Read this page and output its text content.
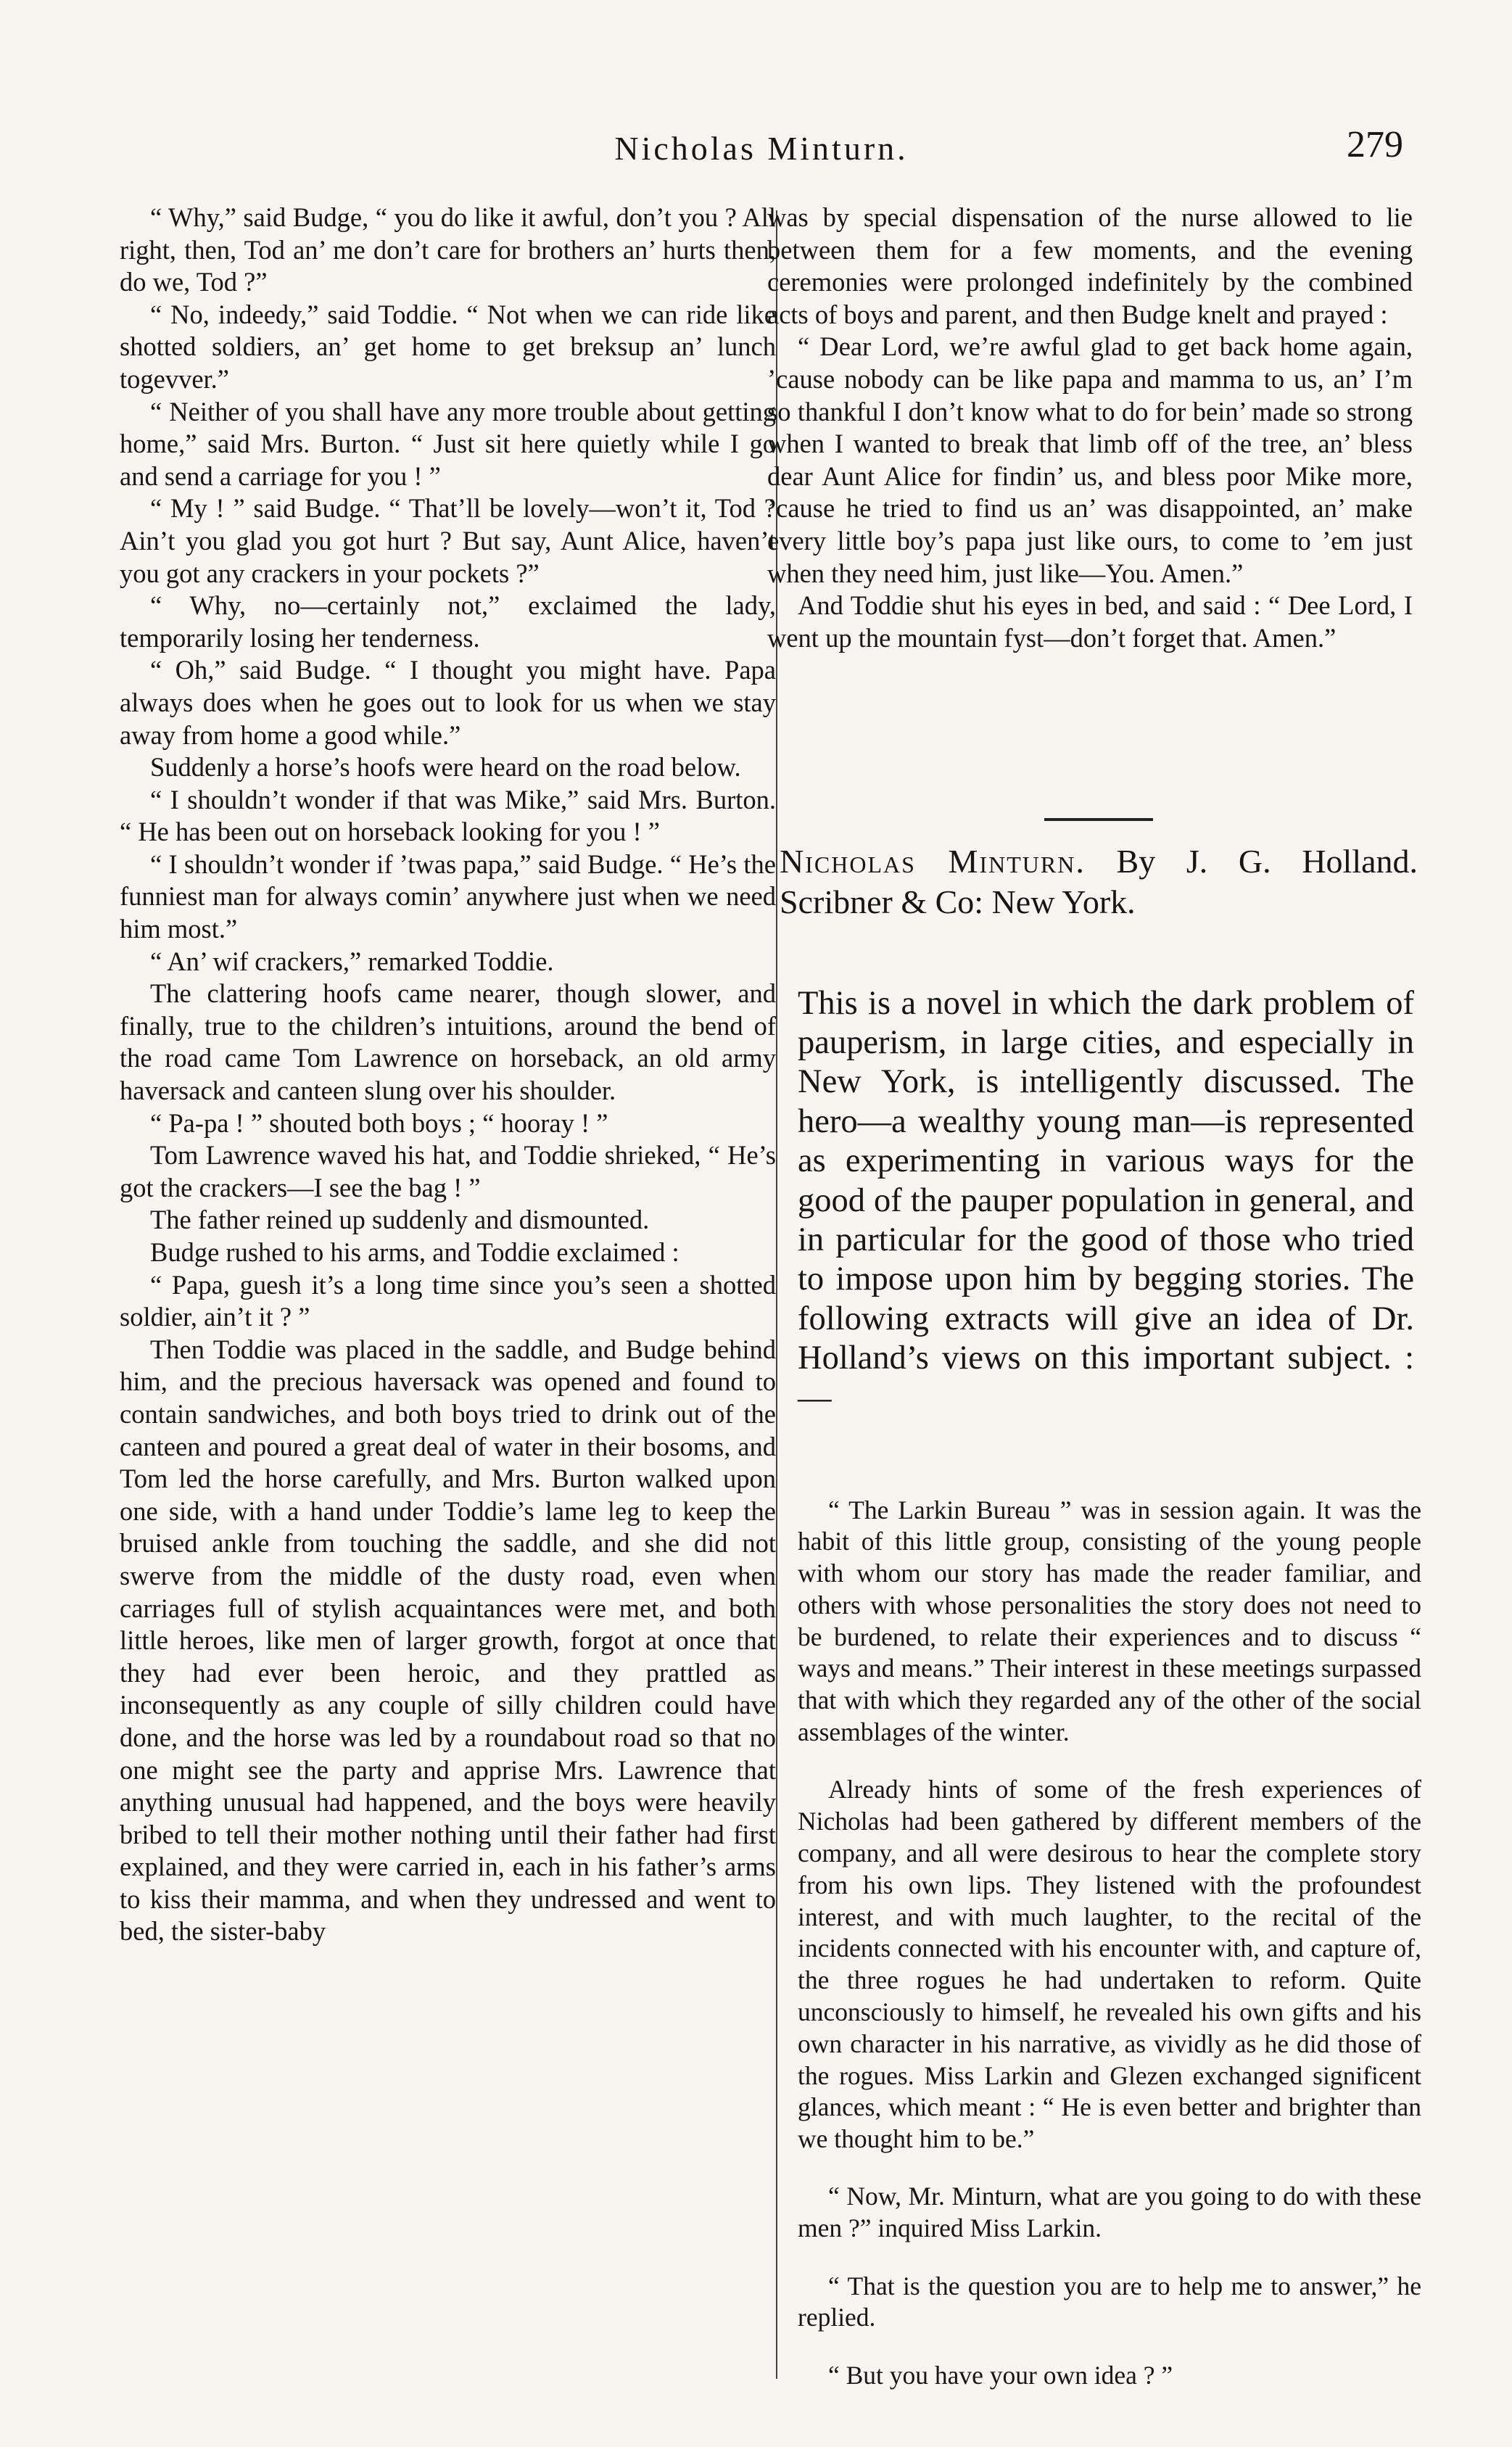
Nicholas Minturn.	279

“ Why,” said Budge, “ you do like it awful, don’t you ? All right, then, Tod an’ me don’t care for brothers an’ hurts then, do we, Tod ?”

“ No, indeedy,” said Toddie. “ Not when we can ride like shotted soldiers, an’ get home to get breksup an’ lunch togevver.”

“ Neither of you shall have any more trouble about getting home,” said Mrs. Burton. “ Just sit here quietly while I go and send a carriage for you ! ”

“ My ! ” said Budge. “ That’ll be lovely—won’t it, Tod ? Ain’t you glad you got hurt ? But say, Aunt Alice, haven’t you got any crackers in your pockets ?”

“ Why, no—certainly not,” exclaimed the lady, temporarily losing her tenderness.

“ Oh,” said Budge. “ I thought you might have. Papa always does when he goes out to look for us when we stay away from home a good while.”

Suddenly a horse’s hoofs were heard on the road below.

“ I shouldn’t wonder if that was Mike,” said Mrs. Burton. “ He has been out on horseback looking for you ! ”

“ I shouldn’t wonder if ’twas papa,” said Budge. “ He’s the funniest man for always comin’ anywhere just when we need him most.”

“ An’ wif crackers,” remarked Toddie.

The clattering hoofs came nearer, though slower, and finally, true to the children’s intuitions, around the bend of the road came Tom Lawrence on horseback, an old army haversack and canteen slung over his shoulder.

“ Pa-pa ! ” shouted both boys ; “ hooray ! ”

Tom Lawrence waved his hat, and Toddie shrieked, “ He’s got the crackers—I see the bag ! ”

The father reined up suddenly and dismounted.

Budge rushed to his arms, and Toddie exclaimed :

“ Papa, guesh it’s a long time since you’s seen a shotted soldier, ain’t it ? ”

Then Toddie was placed in the saddle, and Budge behind him, and the precious haversack was opened and found to contain sandwiches, and both boys tried to drink out of the canteen and poured a great deal of water in their bosoms, and Tom led the horse carefully, and Mrs. Burton walked upon one side, with a hand under Toddie’s lame leg to keep the bruised ankle from touching the saddle, and she did not swerve from the middle of the dusty road, even when carriages full of stylish acquaintances were met, and both little heroes, like men of larger growth, forgot at once that they had ever been heroic, and they prattled as inconsequently as any couple of silly children could have done, and the horse was led by a roundabout road so that no one might see the party and apprise Mrs. Lawrence that anything unusual had happened, and the boys were heavily bribed to tell their mother nothing until their father had first explained, and they were carried in, each in his father’s arms to kiss their mamma, and when they undressed and went to bed, the sister-baby

was by special dispensation of the nurse allowed to lie between them for a few moments, and the evening ceremonies were prolonged indefinitely by the combined acts of boys and parent, and then Budge knelt and prayed :

“ Dear Lord, we’re awful glad to get back home again, ’cause nobody can be like papa and mamma to us, an’ I’m so thankful I don’t know what to do for bein’ made so strong when I wanted to break that limb off of the tree, an’ bless dear Aunt Alice for findin’ us, and bless poor Mike more, ’cause he tried to find us an’ was disappointed, an’ make every little boy’s papa just like ours, to come to ’em just when they need him, just like—You. Amen.”

And Toddie shut his eyes in bed, and said : “ Dee Lord, I went up the mountain fyst—don’t forget that. Amen.”

Nicholas Minturn. By J. G. Holland. Scribner & Co: New York.

This is a novel in which the dark problem of pauperism, in large cities, and especially in New York, is intelligently discussed. The hero—a wealthy young man—is represented as experimenting in various ways for the good of the pauper population in general, and in particular for the good of those who tried to impose upon him by begging stories. The following extracts will give an idea of Dr. Holland’s views on this important subject. :—

“ The Larkin Bureau ” was in session again. It was the habit of this little group, consisting of the young people with whom our story has made the reader familiar, and others with whose personalities the story does not need to be burdened, to relate their experiences and to discuss “ ways and means.” Their interest in these meetings surpassed that with which they regarded any of the other of the social assemblages of the winter.

Already hints of some of the fresh experiences of Nicholas had been gathered by different members of the company, and all were desirous to hear the complete story from his own lips. They listened with the profoundest interest, and with much laughter, to the recital of the incidents connected with his encounter with, and capture of, the three rogues he had undertaken to reform. Quite unconsciously to himself, he revealed his own gifts and his own character in his narrative, as vividly as he did those of the rogues. Miss Larkin and Glezen exchanged significent glances, which meant : “ He is even better and brighter than we thought him to be.”

“ Now, Mr. Minturn, what are you going to do with these men ?” inquired Miss Larkin.

“ That is the question you are to help me to answer,” he replied.

“ But you have your own idea ? ”
